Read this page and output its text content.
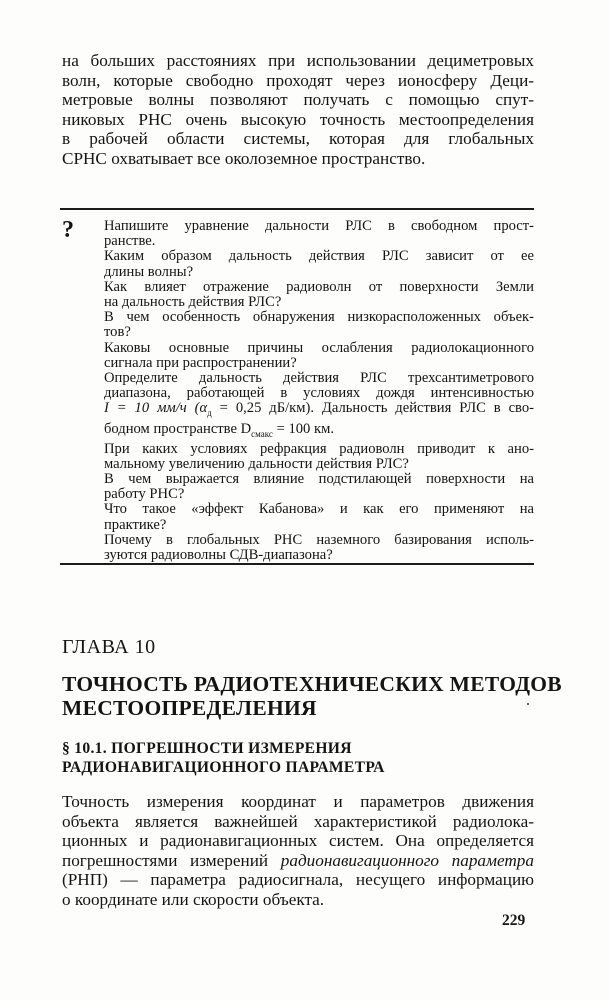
на больших расстояниях при использовании дециметровых
волн, которые свободно проходят через ионосферу Деци-
метровые волны позволяют получать с помощью спут-
никовых РНС очень высокую точность местоопределения
в рабочей области системы, которая для глобальных
СРНС охватывает все околоземное пространство.
? Напишите уравнение дальности РЛС в свободном прост-
ранстве.
Каким образом дальность действия РЛС зависит от ее
длины волны?
Как влияет отражение радиоволн от поверхности Земли
на дальность действия РЛС?
В чем особенность обнаружения низкорасположенных объек-
тов?
Каковы основные причины ослабления радиолокационного
сигнала при распространении?
Определите дальность действия РЛС трехсантиметрового
диапазона, работающей в условиях дождя интенсивностью
I = 10 мм/ч ($\alpha_д = 0,25$ дБ/км). Дальность действия РЛС в сво-
бодном пространстве $D_{смакс} = 100$ км.
При каких условиях рефракция радиоволн приводит к ано-
мальному увеличению дальности действия РЛС?
В чем выражается влияние подстилающей поверхности на
работу РНС?
Что такое «эффект Кабанова» и как его применяют на
практике?
Почему в глобальных РНС наземного базирования исполь-
зуются радиоволны СДВ-диапазона?
ГЛАВА 10
ТОЧНОСТЬ РАДИОТЕХНИЧЕСКИХ МЕТОДОВ
МЕСТООПРЕДЕЛЕНИЯ
§ 10.1. ПОГРЕШНОСТИ ИЗМЕРЕНИЯ
РАДИОНАВИГАЦИОННОГО ПАРАМЕТРА
Точность измерения координат и параметров движения
объекта является важнейшей характеристикой радиолока-
ционных и радионавигационных систем. Она определяется
погрешностями измерений радионавигационного параметра
(РНП) — параметра радиосигнала, несущего информацию
о координате или скорости объекта.
229
